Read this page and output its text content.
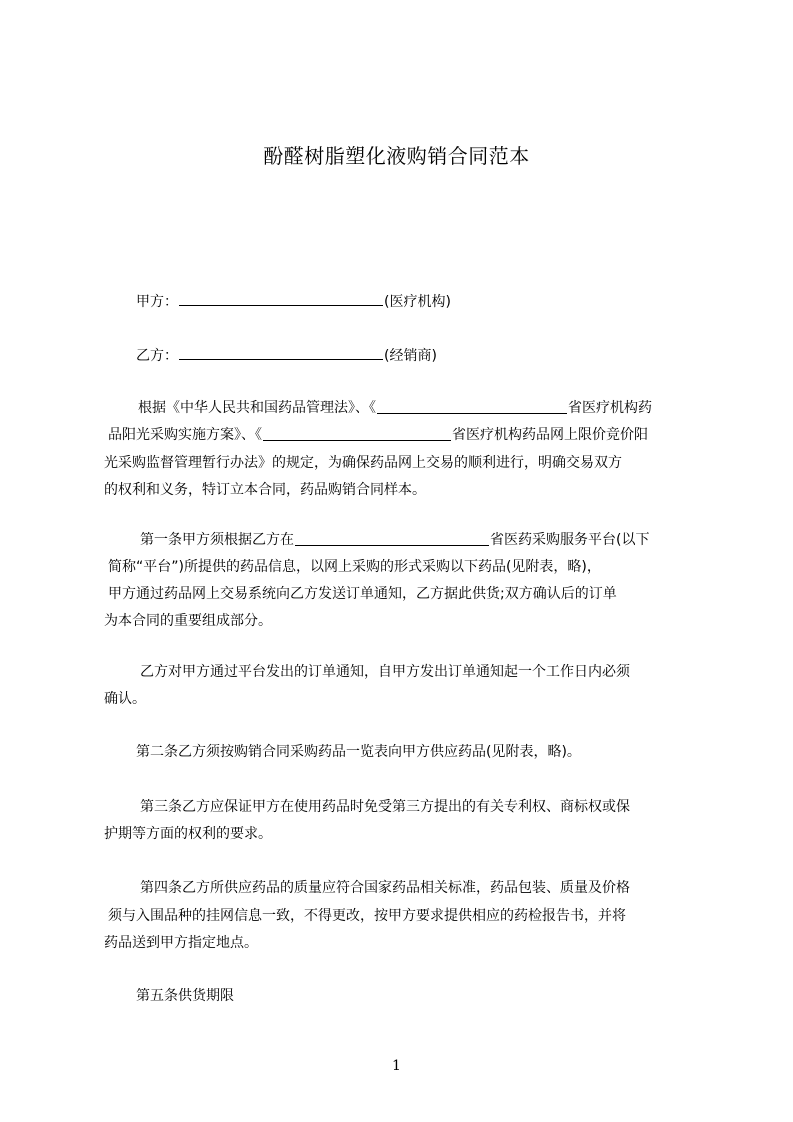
酚醛树脂塑化液购销合同范本
甲方：	(医疗机构)
乙方：	(经销商)
根据《中华人民共和国药品管理法》、《	省医疗机构药
品阳光采购实施方案》、《	省医疗机构药品网上限价竞价阳
光采购监督管理暂行办法》的规定，为确保药品网上交易的顺利进行，明确交易双方
的权利和义务，特订立本合同，药品购销合同样本。
第一条甲方须根据乙方在	省医药采购服务平台(以下
简称“平台”)所提供的药品信息，以网上采购的形式采购以下药品(见附表，略)，
甲方通过药品网上交易系统向乙方发送订单通知，乙方据此供货;双方确认后的订单
为本合同的重要组成部分。
乙方对甲方通过平台发出的订单通知，自甲方发出订单通知起一个工作日内必须
确认。
第二条乙方须按购销合同采购药品一览表向甲方供应药品(见附表，略)。
第三条乙方应保证甲方在使用药品时免受第三方提出的有关专利权、商标权或保
护期等方面的权利的要求。
第四条乙方所供应药品的质量应符合国家药品相关标准，药品包装、质量及价格
须与入围品种的挂网信息一致，不得更改，按甲方要求提供相应的药检报告书，并将
药品送到甲方指定地点。
第五条供货期限
1
